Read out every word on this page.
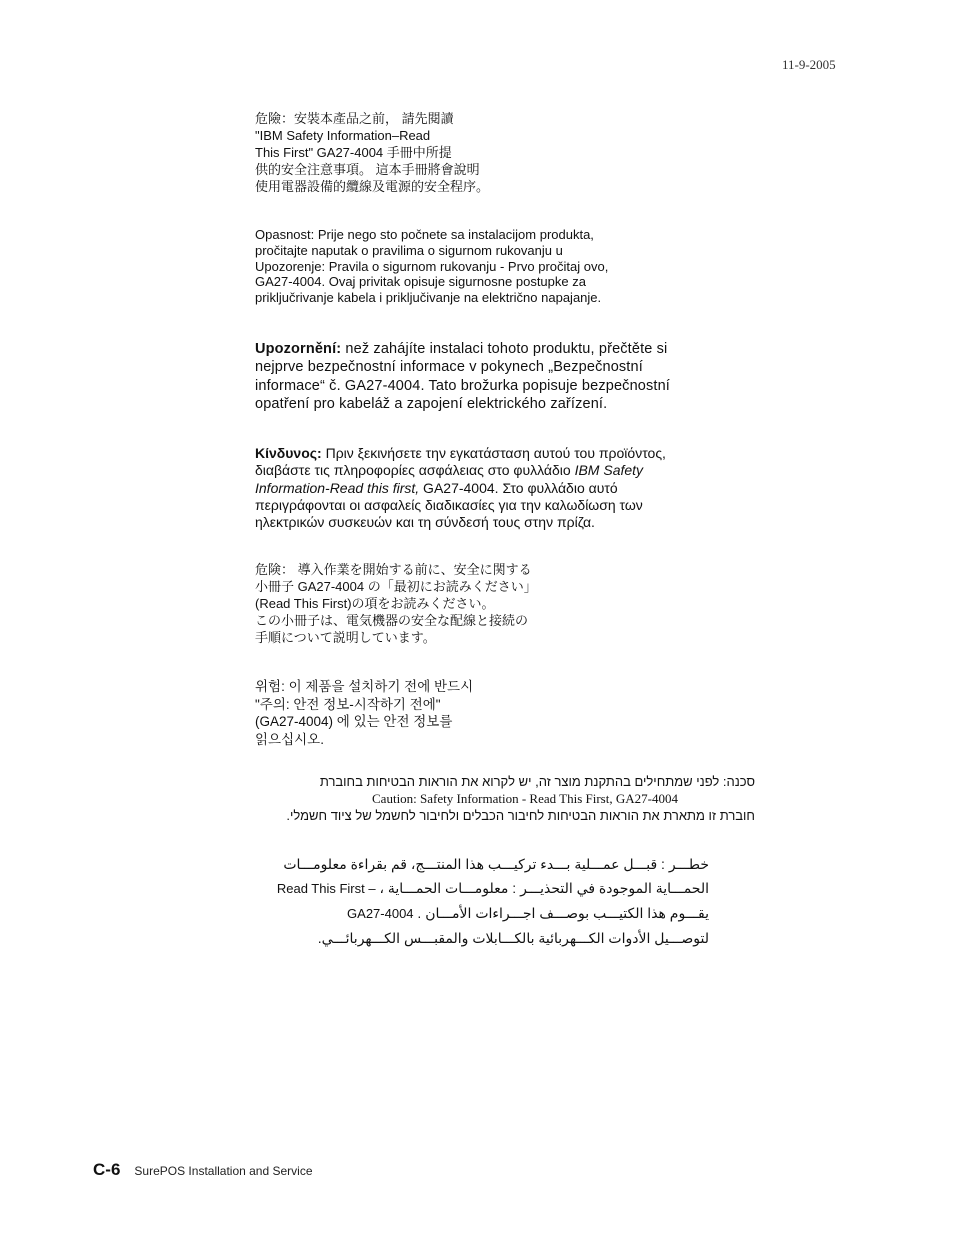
11-9-2005
危險：安裝本產品之前， 請先閱讀
"IBM Safety Information–Read
This First" GA27-4004 手冊中所提
供的安全注意事項。 這本手冊將會說明
使用電器設備的纜線及電源的安全程序。
Opasnost: Prije nego sto počnete sa instalacijom produkta,
pročitajte naputak o pravilima o sigurnom rukovanju u
Upozorenje: Pravila o sigurnom rukovanju - Prvo pročitaj ovo,
GA27-4004. Ovaj privitak opisuje sigurnosne postupke za
priključrivanje kabela i priključivanje na električno napajanje.
Upozornění: než zahájíte instalaci tohoto produktu, přečtěte si
nejprve bezpečnostní informace v pokynech „Bezpečnostní
informace“ č. GA27-4004. Tato brožurka popisuje bezpečnostní
opatření pro kabeláž a zapojení elektrického zařízení.
Κίνδυνος: Πριν ξεκινήσετε την εγκατάσταση αυτού του προϊόντος,
διαβάστε τις πληροφορίες ασφάλειας στο φυλλάδιο IBM Safety
Information-Read this first, GA27-4004. Στο φυλλάδιο αυτό
περιγράφονται οι ασφαλείς διαδικασίες για την καλωδίωση των
ηλεκτρικών συσκευών και τη σύνδεσή τους στην πρίζα.
危険： 導入作業を開始する前に、安全に関する
小冊子 GA27-4004 の「最初にお読みください」
(Read This First)の項をお読みください。
この小冊子は、電気機器の安全な配線と接続の
手順について説明しています。
위험: 이 제품을 설치하기 전에 반드시
"주의: 안전 정보-시작하기 전에"
(GA27-4004) 에 있는 안전 정보를
읽으십시오.
סכנה: לפני שמתחילים בהתקנת מוצר זה, יש לקרוא את הוראות הבטיחות בחוברת
Caution: Safety Information - Read This First, GA27-4004
חוברת זו מתארת את הוראות הבטיחות לחיבור הכבלים ולחיבור לחשמל של ציוד חשמלי.
خطـــر : قبـــل عمـــلية بـــدء تركيـــب هذا المنتـــج، قم بقراءة معلومـــات
الحمـــاية الموجودة في التحذيـــر : معلومـــات الحمـــاية ، Read This First –
يقـــوم هذا الكتيـــب بوصـــف اجـــراءات الأمـــان . GA27-4004
لتوصـــيل الأدوات الكـــهربائية بالكـــابلات والمقبـــس الكـــهربائـــي.
C-6 SurePOS Installation and Service
